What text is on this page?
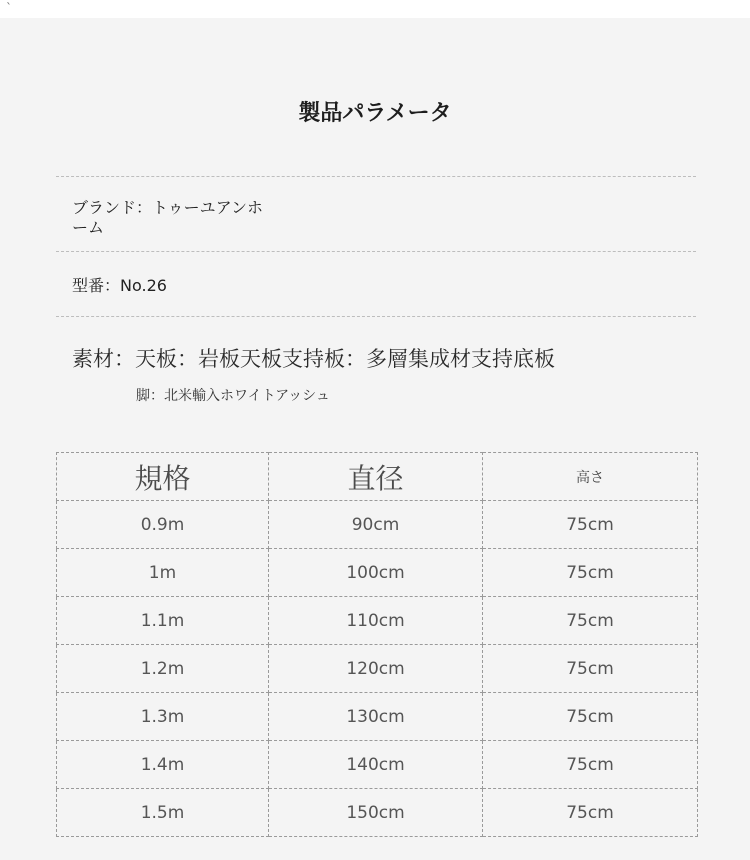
`
製品パラメータ
ブランド：トゥーユアンホーム
型番：No.26
素材：天板：岩板天板支持板：多層集成材支持底板
脚：北米輸入ホワイトアッシュ
規格	直径	高さ
0.9m	90cm	75cm
1m	100cm	75cm
1.1m	110cm	75cm
1.2m	120cm	75cm
1.3m	130cm	75cm
1.4m	140cm	75cm
1.5m	150cm	75cm
